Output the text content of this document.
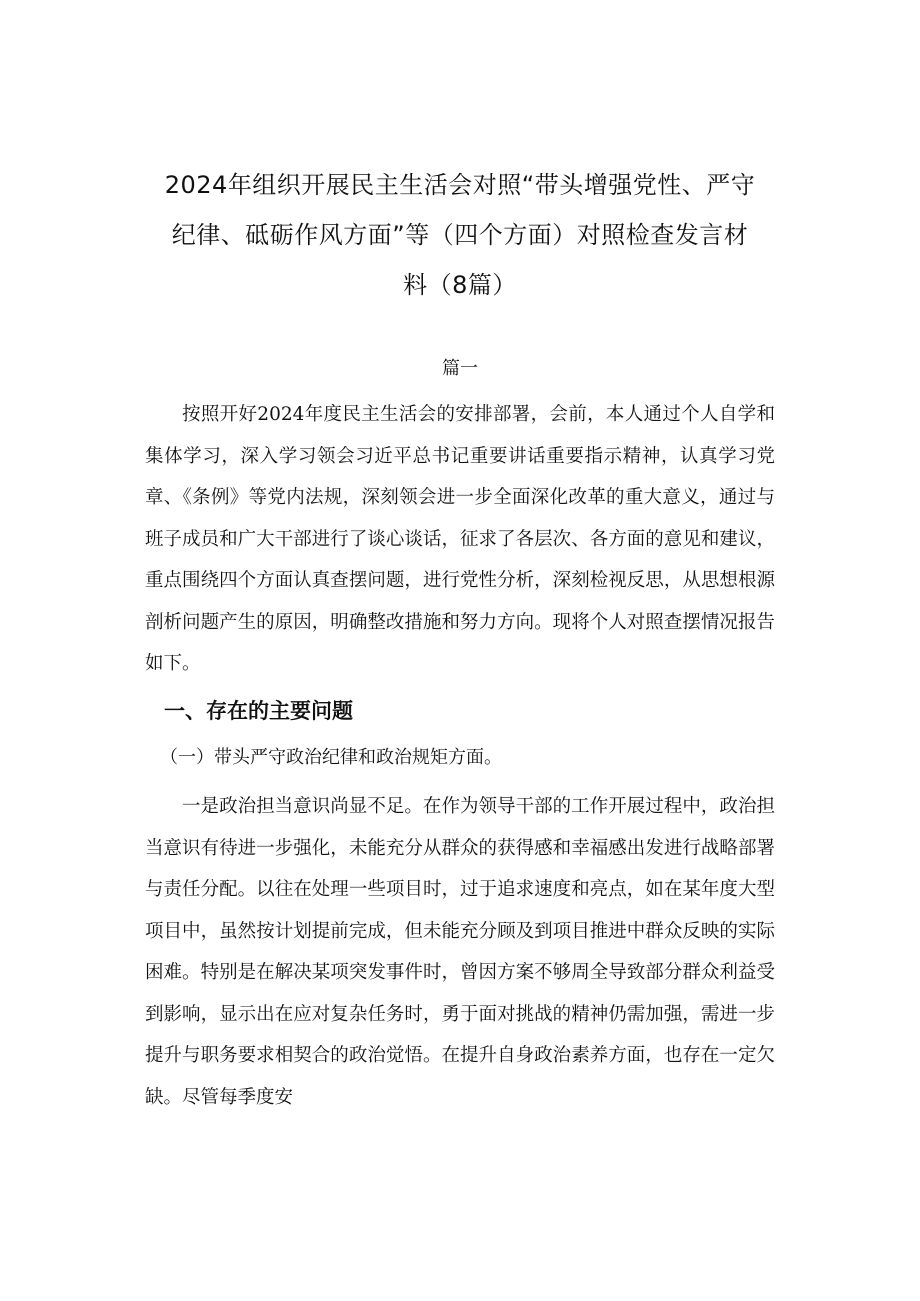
2024年组织开展民主生活会对照“带头增强党性、严守
纪律、砥砺作风方面”等（四个方面）对照检查发言材
料（8篇）
篇一

按照开好2024年度民主生活会的安排部署，会前，本人通过个人自学和集体学习，深入学习领会习近平总书记重要讲话重要指示精神，认真学习党章、《条例》等党内法规，深刻领会进一步全面深化改革的重大意义，通过与班子成员和广大干部进行了谈心谈话，征求了各层次、各方面的意见和建议，重点围绕四个方面认真查摆问题，进行党性分析，深刻检视反思，从思想根源剖析问题产生的原因，明确整改措施和努力方向。现将个人对照查摆情况报告如下。

一、存在的主要问题

（一）带头严守政治纪律和政治规矩方面。

一是政治担当意识尚显不足。在作为领导干部的工作开展过程中，政治担当意识有待进一步强化，未能充分从群众的获得感和幸福感出发进行战略部署与责任分配。以往在处理一些项目时，过于追求速度和亮点，如在某年度大型项目中，虽然按计划提前完成，但未能充分顾及到项目推进中群众反映的实际困难。特别是在解决某项突发事件时，曾因方案不够周全导致部分群众利益受到影响，显示出在应对复杂任务时，勇于面对挑战的精神仍需加强，需进一步提升与职务要求相契合的政治觉悟。在提升自身政治素养方面，也存在一定欠缺。尽管每季度安
